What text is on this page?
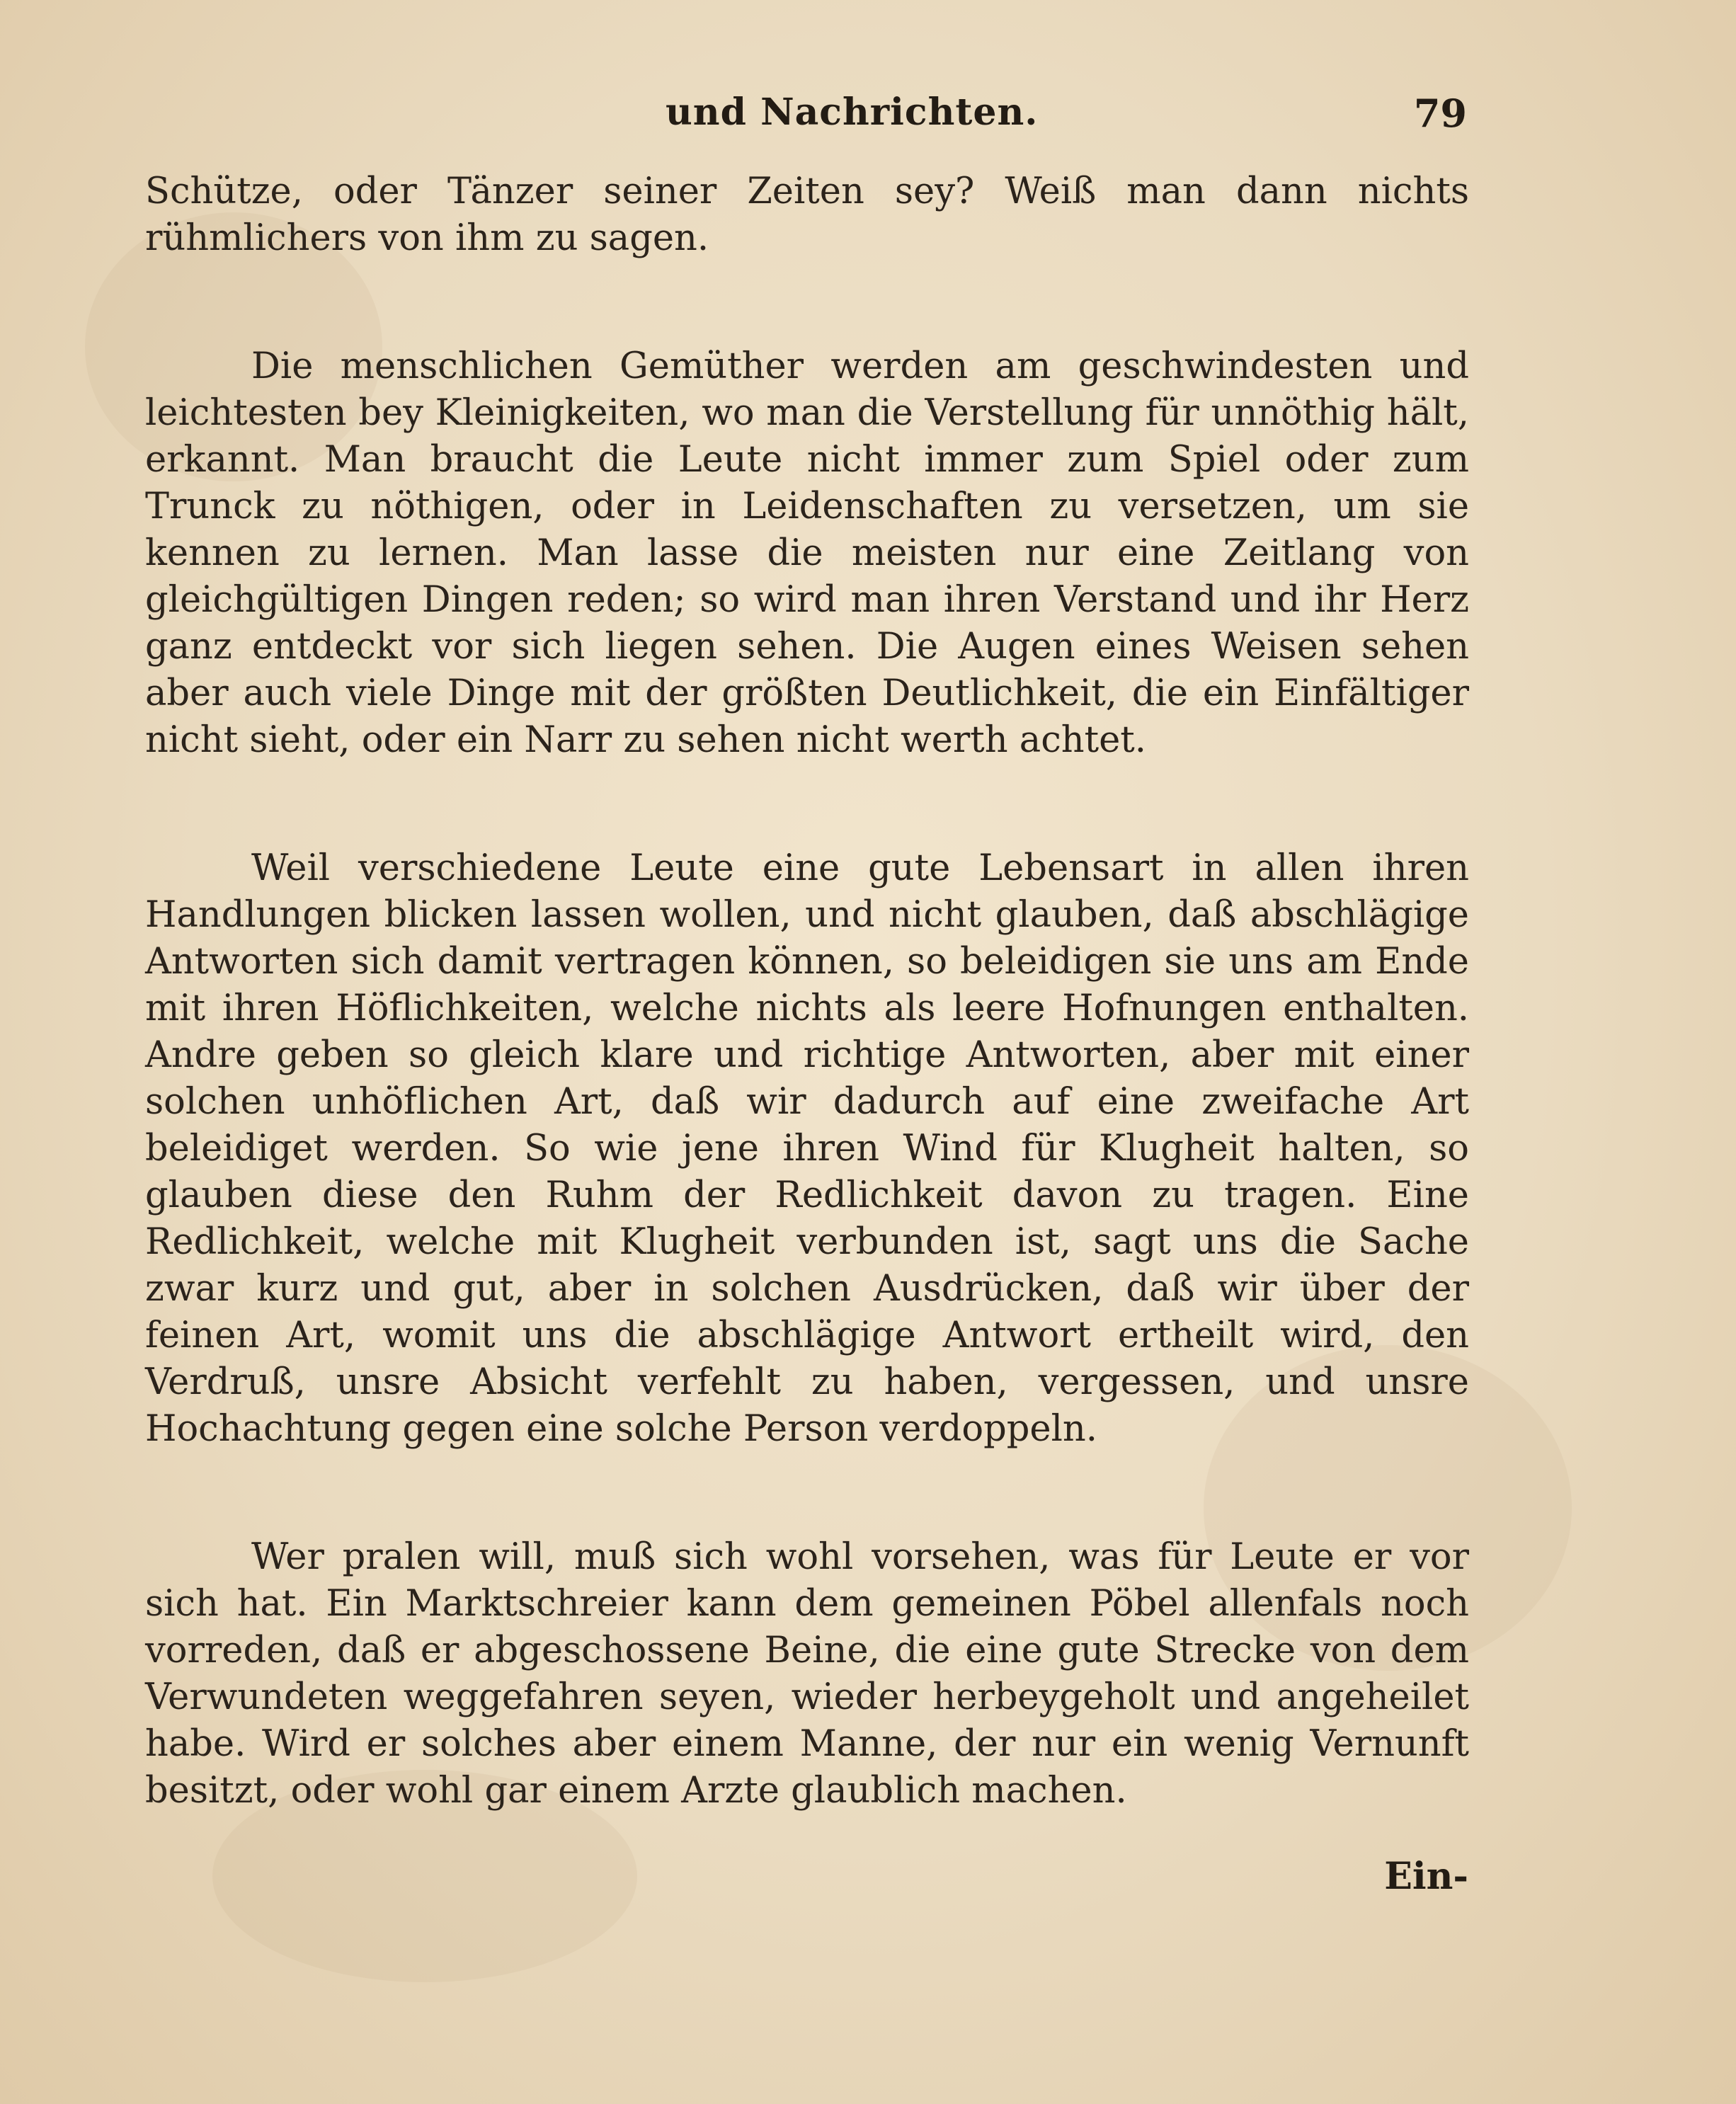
und Nachrichten.	79

Schütze, oder Tänzer seiner Zeiten sey? Weiß man dann nichts rühmlichers von ihm zu sagen.

Die menschlichen Gemüther werden am geschwindesten und leichtesten bey Kleinigkeiten, wo man die Verstellung für unnöthig hält, erkannt. Man braucht die Leute nicht immer zum Spiel oder zum Trunck zu nöthigen, oder in Leidenschaften zu versetzen, um sie kennen zu lernen. Man lasse die meisten nur eine Zeitlang von gleichgültigen Dingen reden; so wird man ihren Verstand und ihr Herz ganz entdeckt vor sich liegen sehen. Die Augen eines Weisen sehen aber auch viele Dinge mit der größten Deutlichkeit, die ein Einfältiger nicht sieht, oder ein Narr zu sehen nicht werth achtet.

Weil verschiedene Leute eine gute Lebensart in allen ihren Handlungen blicken lassen wollen, und nicht glauben, daß abschlägige Antworten sich damit vertragen können, so beleidigen sie uns am Ende mit ihren Höflichkeiten, welche nichts als leere Hofnungen enthalten. Andre geben so gleich klare und richtige Antworten, aber mit einer solchen unhöflichen Art, daß wir dadurch auf eine zweifache Art beleidiget werden. So wie jene ihren Wind für Klugheit halten, so glauben diese den Ruhm der Redlichkeit davon zu tragen. Eine Redlichkeit, welche mit Klugheit verbunden ist, sagt uns die Sache zwar kurz und gut, aber in solchen Ausdrücken, daß wir über der feinen Art, womit uns die abschlägige Antwort ertheilt wird, den Verdruß, unsre Absicht verfehlt zu haben, vergessen, und unsre Hochachtung gegen eine solche Person verdoppeln.

Wer pralen will, muß sich wohl vorsehen, was für Leute er vor sich hat. Ein Marktschreier kann dem gemeinen Pöbel allenfals noch vorreden, daß er abgeschossene Beine, die eine gute Strecke von dem Verwundeten weggefahren seyen, wieder herbeygeholt und angeheilet habe. Wird er solches aber einem Manne, der nur ein wenig Vernunft besitzt, oder wohl gar einem Arzte glaublich machen.

Ein-
